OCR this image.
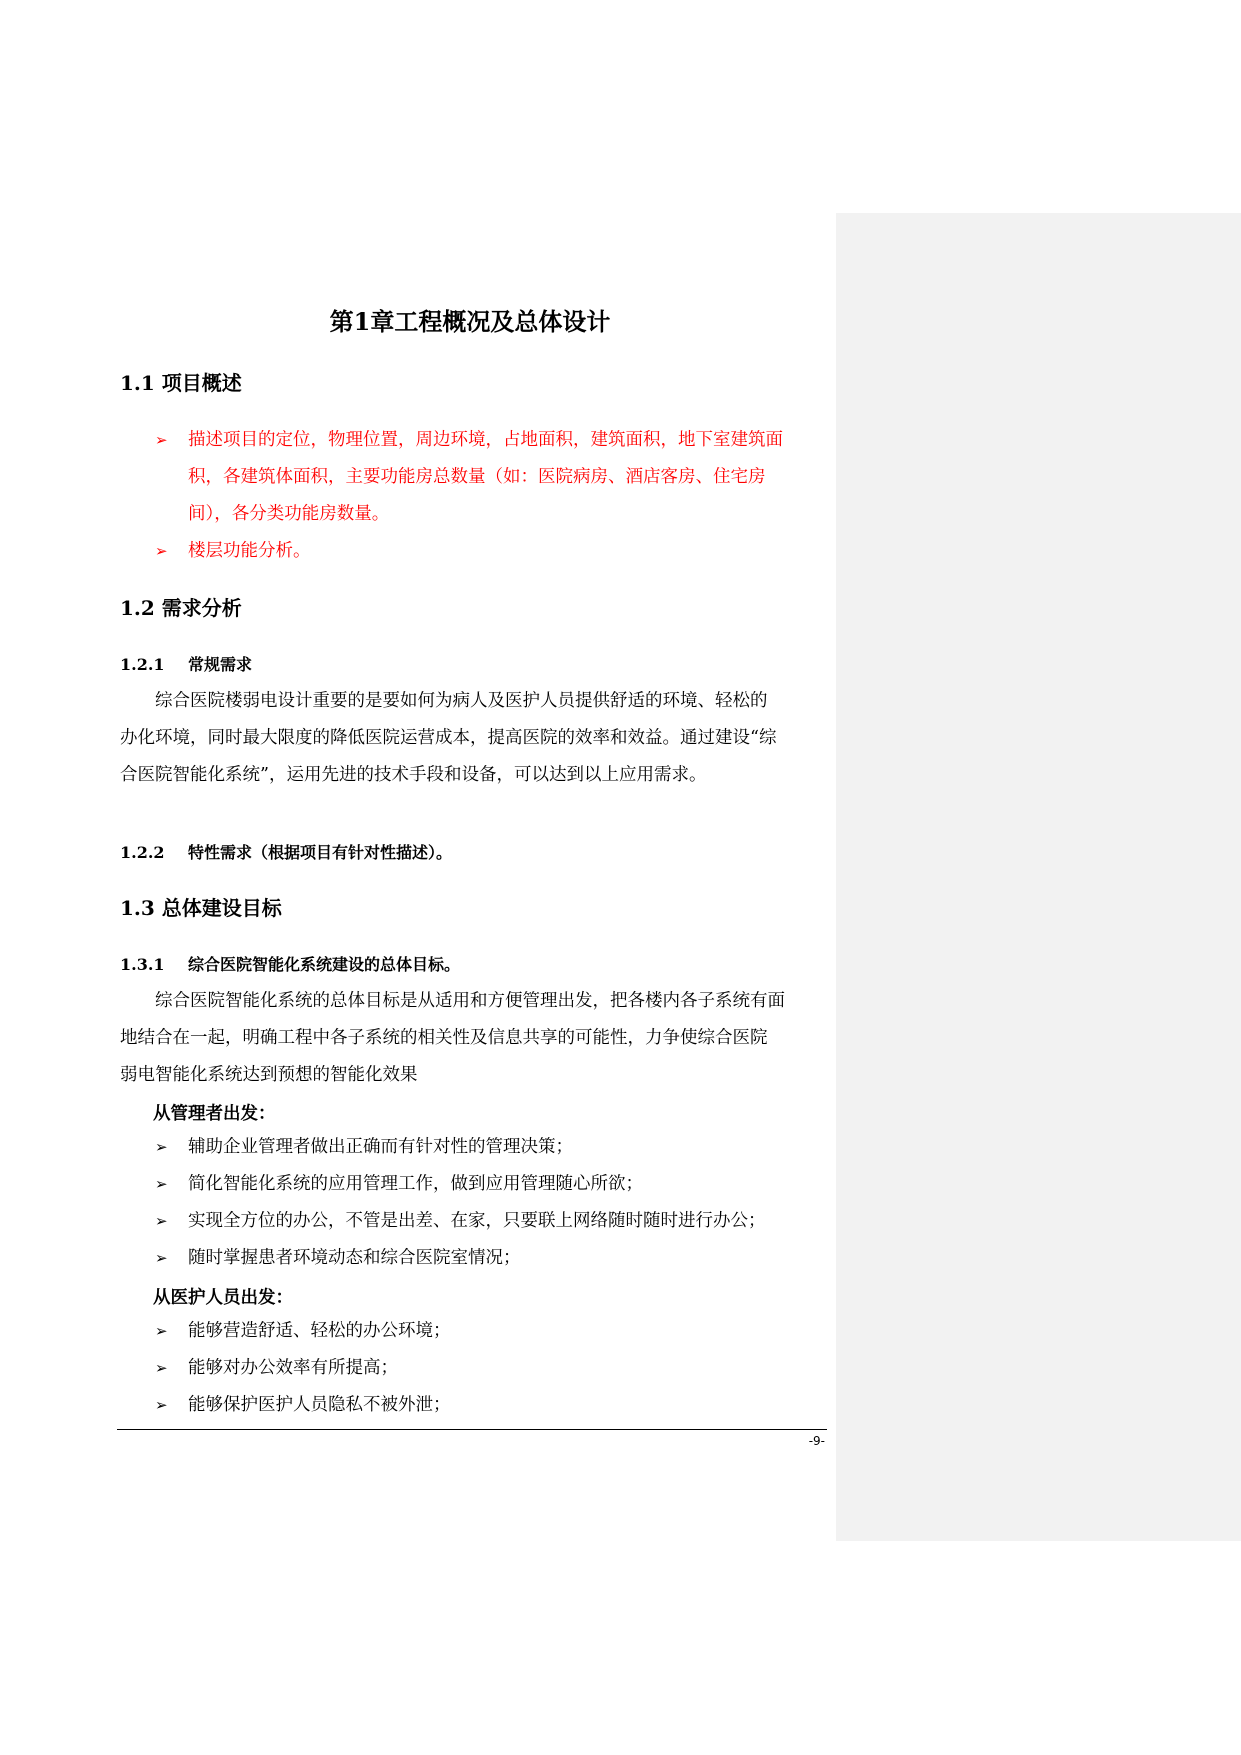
第1章工程概况及总体设计
1.1 项目概述
➢ 描述项目的定位，物理位置，周边环境，占地面积，建筑面积，地下室建筑面
积，各建筑体面积，主要功能房总数量（如：医院病房、酒店客房、住宅房
间），各分类功能房数量。
➢ 楼层功能分析。
1.2 需求分析
1.2.1 常规需求
综合医院楼弱电设计重要的是要如何为病人及医护人员提供舒适的环境、轻松的
办化环境，同时最大限度的降低医院运营成本，提高医院的效率和效益。通过建设“综
合医院智能化系统”，运用先进的技术手段和设备，可以达到以上应用需求。
1.2.2 特性需求（根据项目有针对性描述）。
1.3 总体建设目标
1.3.1 综合医院智能化系统建设的总体目标。
综合医院智能化系统的总体目标是从适用和方便管理出发，把各楼内各子系统有面
地结合在一起，明确工程中各子系统的相关性及信息共享的可能性，力争使综合医院
弱电智能化系统达到预想的智能化效果
从管理者出发：
➢ 辅助企业管理者做出正确而有针对性的管理决策；
➢ 简化智能化系统的应用管理工作，做到应用管理随心所欲；
➢ 实现全方位的办公，不管是出差、在家，只要联上网络随时随时进行办公；
➢ 随时掌握患者环境动态和综合医院室情况；
从医护人员出发：
➢ 能够营造舒适、轻松的办公环境；
➢ 能够对办公效率有所提高；
➢ 能够保护医护人员隐私不被外泄；
-9-
